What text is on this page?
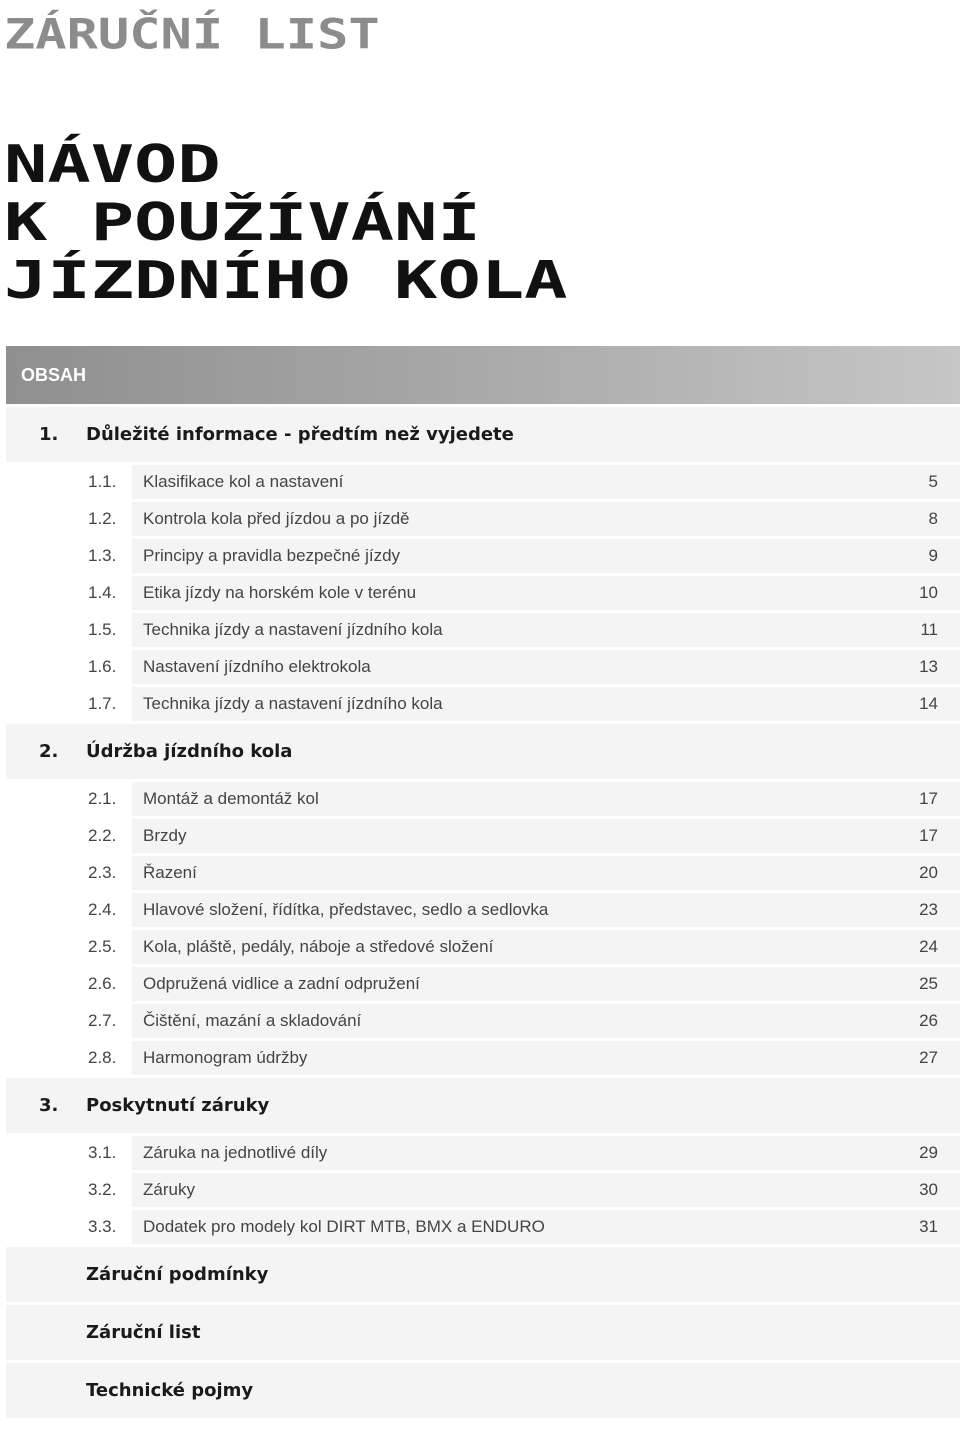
ZÁRUČNÍ LIST
NÁVOD
K POUŽÍVÁNÍ
JÍZDNÍHO KOLA
OBSAH
1.	Důležité informace - předtím než vyjedete
1.1.	Klasifikace kol a nastavení	5
1.2.	Kontrola kola před jízdou a po jízdě	8
1.3.	Principy a pravidla bezpečné jízdy	9
1.4.	Etika jízdy na horském kole v terénu	10
1.5.	Technika jízdy a nastavení jízdního kola	11
1.6.	Nastavení jízdního elektrokola	13
1.7.	Technika jízdy a nastavení jízdního kola	14
2.	Údržba jízdního kola
2.1.	Montáž a demontáž kol	17
2.2.	Brzdy	17
2.3.	Řazení	20
2.4.	Hlavové složení, řídítka, představec, sedlo a sedlovka	23
2.5.	Kola, pláště, pedály, náboje a středové složení	24
2.6.	Odpružená vidlice a zadní odpružení	25
2.7.	Čištění, mazání a skladování	26
2.8.	Harmonogram údržby	27
3.	Poskytnutí záruky
3.1.	Záruka na jednotlivé díly	29
3.2.	Záruky	30
3.3.	Dodatek pro modely kol DIRT MTB, BMX a ENDURO	31
Záruční podmínky
Záruční list
Technické pojmy
